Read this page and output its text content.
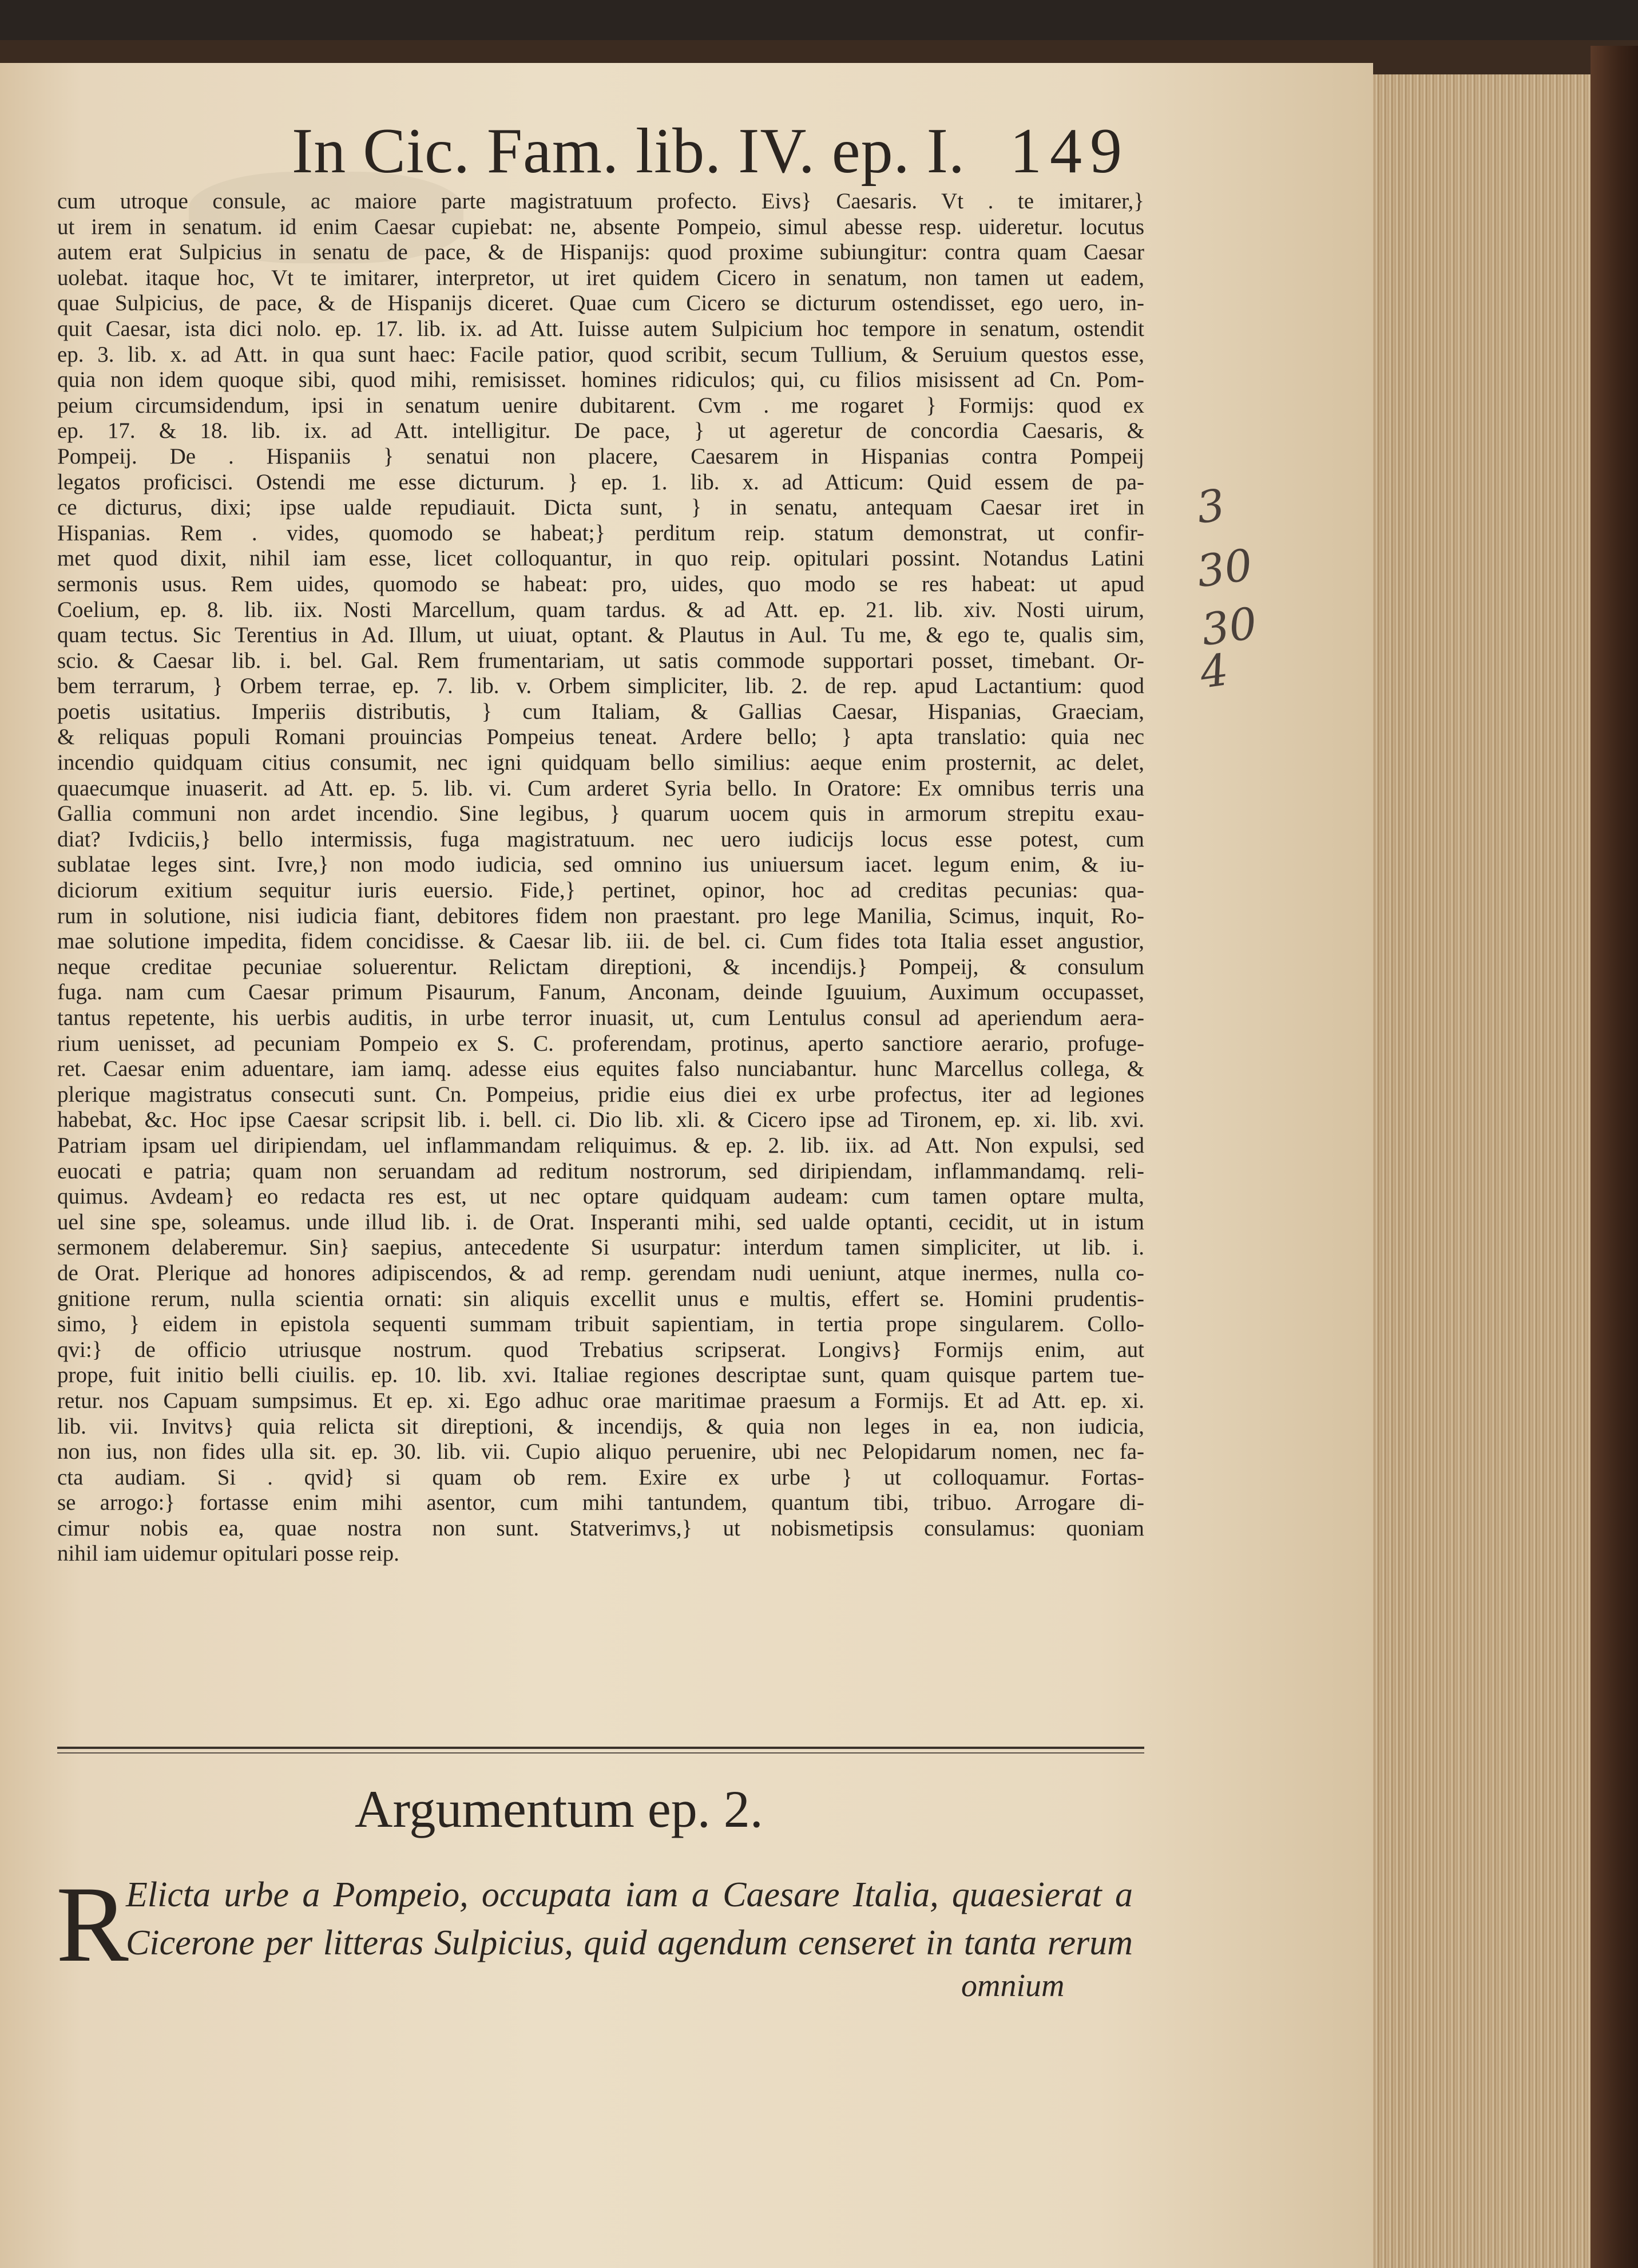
In Cic. Fam. lib. IV. ep. I. 149
cum utroque consule, ac maiore parte magistratuum profecto. Eivs} Caesaris. Vt . te imitarer,}
ut irem in senatum. id enim Caesar cupiebat: ne, absente Pompeio, simul abesse resp. uideretur. locutus
autem erat Sulpicius in senatu de pace, & de Hispanijs: quod proxime subiungitur: contra quam Caesar
uolebat. itaque hoc, Vt te imitarer, interpretor, ut iret quidem Cicero in senatum, non tamen ut eadem,
quae Sulpicius, de pace, & de Hispanijs diceret. Quae cum Cicero se dicturum ostendisset, ego uero, in-
quit Caesar, ista dici nolo. ep. 17. lib. ix. ad Att. Iuisse autem Sulpicium hoc tempore in senatum, ostendit
ep. 3. lib. x. ad Att. in qua sunt haec: Facile patior, quod scribit, secum Tullium, & Seruium questos esse,
quia non idem quoque sibi, quod mihi, remisisset. homines ridiculos; qui, cu filios misissent ad Cn. Pom-
peium circumsidendum, ipsi in senatum uenire dubitarent. Cvm . me rogaret } Formijs: quod ex
ep. 17. & 18. lib. ix. ad Att. intelligitur. De pace, } ut ageretur de concordia Caesaris, &
Pompeij. De . Hispaniis } senatui non placere, Caesarem in Hispanias contra Pompeij
legatos proficisci. Ostendi me esse dicturum. } ep. 1. lib. x. ad Atticum: Quid essem de pa-
ce dicturus, dixi; ipse ualde repudiauit. Dicta sunt, } in senatu, antequam Caesar iret in
Hispanias. Rem . vides, quomodo se habeat;} perditum reip. statum demonstrat, ut confir-
met quod dixit, nihil iam esse, licet colloquantur, in quo reip. opitulari possint. Notandus Latini
sermonis usus. Rem uides, quomodo se habeat: pro, uides, quo modo se res habeat: ut apud
Coelium, ep. 8. lib. iix. Nosti Marcellum, quam tardus. & ad Att. ep. 21. lib. xiv. Nosti uirum,
quam tectus. Sic Terentius in Ad. Illum, ut uiuat, optant. & Plautus in Aul. Tu me, & ego te, qualis sim,
scio. & Caesar lib. i. bel. Gal. Rem frumentariam, ut satis commode supportari posset, timebant. Or-
bem terrarum, } Orbem terrae, ep. 7. lib. v. Orbem simpliciter, lib. 2. de rep. apud Lactantium: quod
poetis usitatius. Imperiis distributis, } cum Italiam, & Gallias Caesar, Hispanias, Graeciam,
& reliquas populi Romani prouincias Pompeius teneat. Ardere bello; } apta translatio: quia nec
incendio quidquam citius consumit, nec igni quidquam bello similius: aeque enim prosternit, ac delet,
quaecumque inuaserit. ad Att. ep. 5. lib. vi. Cum arderet Syria bello. In Oratore: Ex omnibus terris una
Gallia communi non ardet incendio. Sine legibus, } quarum uocem quis in armorum strepitu exau-
diat? Ivdiciis,} bello intermissis, fuga magistratuum. nec uero iudicijs locus esse potest, cum
sublatae leges sint. Ivre,} non modo iudicia, sed omnino ius uniuersum iacet. legum enim, & iu-
diciorum exitium sequitur iuris euersio. Fide,} pertinet, opinor, hoc ad creditas pecunias: qua-
rum in solutione, nisi iudicia fiant, debitores fidem non praestant. pro lege Manilia, Scimus, inquit, Ro-
mae solutione impedita, fidem concidisse. & Caesar lib. iii. de bel. ci. Cum fides tota Italia esset angustior,
neque creditae pecuniae soluerentur. Relictam direptioni, & incendijs.} Pompeij, & consulum
fuga. nam cum Caesar primum Pisaurum, Fanum, Anconam, deinde Iguuium, Auximum occupasset,
tantus repetente, his uerbis auditis, in urbe terror inuasit, ut, cum Lentulus consul ad aperiendum aera-
rium uenisset, ad pecuniam Pompeio ex S. C. proferendam, protinus, aperto sanctiore aerario, profuge-
ret. Caesar enim aduentare, iam iamq. adesse eius equites falso nunciabantur. hunc Marcellus collega, &
plerique magistratus consecuti sunt. Cn. Pompeius, pridie eius diei ex urbe profectus, iter ad legiones
habebat, &c. Hoc ipse Caesar scripsit lib. i. bell. ci. Dio lib. xli. & Cicero ipse ad Tironem, ep. xi. lib. xvi.
Patriam ipsam uel diripiendam, uel inflammandam reliquimus. & ep. 2. lib. iix. ad Att. Non expulsi, sed
euocati e patria; quam non seruandam ad reditum nostrorum, sed diripiendam, inflammandamq. reli-
quimus. Avdeam} eo redacta res est, ut nec optare quidquam audeam: cum tamen optare multa,
uel sine spe, soleamus. unde illud lib. i. de Orat. Insperanti mihi, sed ualde optanti, cecidit, ut in istum
sermonem delaberemur. Sin} saepius, antecedente Si usurpatur: interdum tamen simpliciter, ut lib. i.
de Orat. Plerique ad honores adipiscendos, & ad remp. gerendam nudi ueniunt, atque inermes, nulla co-
gnitione rerum, nulla scientia ornati: sin aliquis excellit unus e multis, effert se. Homini prudentis-
simo, } eidem in epistola sequenti summam tribuit sapientiam, in tertia prope singularem. Collo-
qvi:} de officio utriusque nostrum. quod Trebatius scripserat. Longivs} Formijs enim, aut
prope, fuit initio belli ciuilis. ep. 10. lib. xvi. Italiae regiones descriptae sunt, quam quisque partem tue-
retur. nos Capuam sumpsimus. Et ep. xi. Ego adhuc orae maritimae praesum a Formijs. Et ad Att. ep. xi.
lib. vii. Invitvs} quia relicta sit direptioni, & incendijs, & quia non leges in ea, non iudicia,
non ius, non fides ulla sit. ep. 30. lib. vii. Cupio aliquo peruenire, ubi nec Pelopidarum nomen, nec fa-
cta audiam. Si . qvid} si quam ob rem. Exire ex urbe } ut colloquamur. Fortas-
se arrogo:} fortasse enim mihi asentor, cum mihi tantundem, quantum tibi, tribuo. Arrogare di-
cimur nobis ea, quae nostra non sunt. Statverimvs,} ut nobismetipsis consulamus: quoniam
nihil iam uidemur opitulari posse reip.
Argumentum ep. 2.
R
Elicta urbe a Pompeio, occupata iam a Caesare Italia, quaesierat a
Cicerone per litteras Sulpicius, quid agendum censeret in tanta rerum
omnium
3
30
30
4
